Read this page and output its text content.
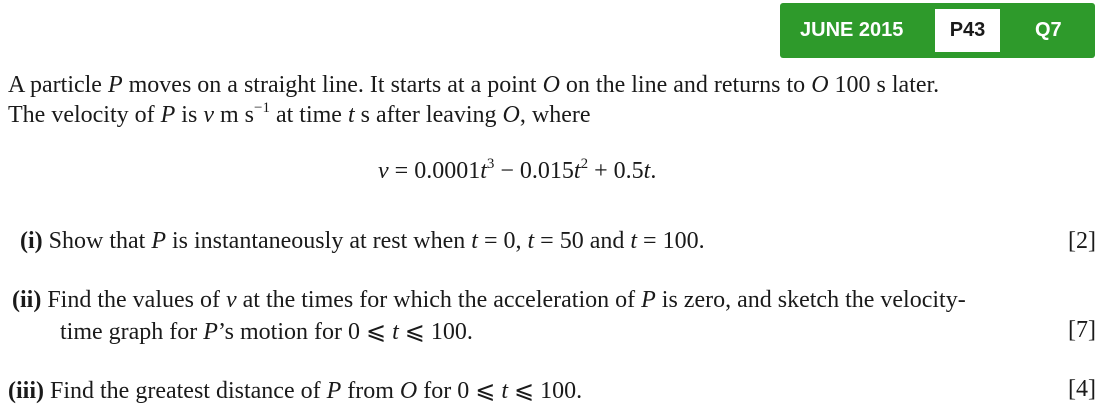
JUNE 2015	P43	Q7
A particle P moves on a straight line. It starts at a point O on the line and returns to O 100 s later.
The velocity of P is v m $s^{-1}$ at time t s after leaving O, where
$v = 0.0001t^3 - 0.015t^2 + 0.5t$.
(i) Show that P is instantaneously at rest when t = 0, t = 50 and t = 100.	[2]
(ii) Find the values of v at the times for which the acceleration of P is zero, and sketch the velocity-
time graph for P’s motion for 0 ⩽ t ⩽ 100.	[7]
(iii) Find the greatest distance of P from O for 0 ⩽ t ⩽ 100.	[4]
